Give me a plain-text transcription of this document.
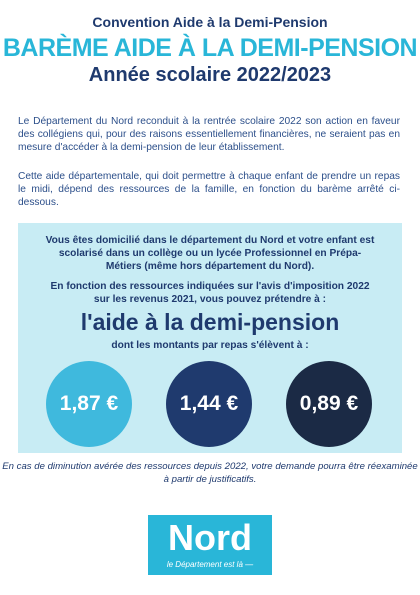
Convention Aide à la Demi-Pension
BARÈME AIDE À LA DEMI-PENSION
Année scolaire 2022/2023
Le Département du Nord reconduit à la rentrée scolaire 2022 son action en faveur des collégiens qui, pour des raisons essentiellement financières, ne seraient pas en mesure d'accéder à la demi-pension de leur établissement.
Cette aide départementale, qui doit permettre à chaque enfant de prendre un repas le midi, dépend des ressources de la famille, en fonction du barème arrêté ci-dessous.
Vous êtes domicilié dans le département du Nord et votre enfant est scolarisé dans un collège ou un lycée Professionnel en Prépa-Métiers (même hors département du Nord).
En fonction des ressources indiquées sur l'avis d'imposition 2022 sur les revenus 2021, vous pouvez prétendre à :
l'aide à la demi-pension
dont les montants par repas s'élèvent à :
1,87 €	1,44 €	0,89 €
En cas de diminution avérée des ressources depuis 2022, votre demande pourra être réexaminée à partir de justificatifs.
Nord
le Département est là —
